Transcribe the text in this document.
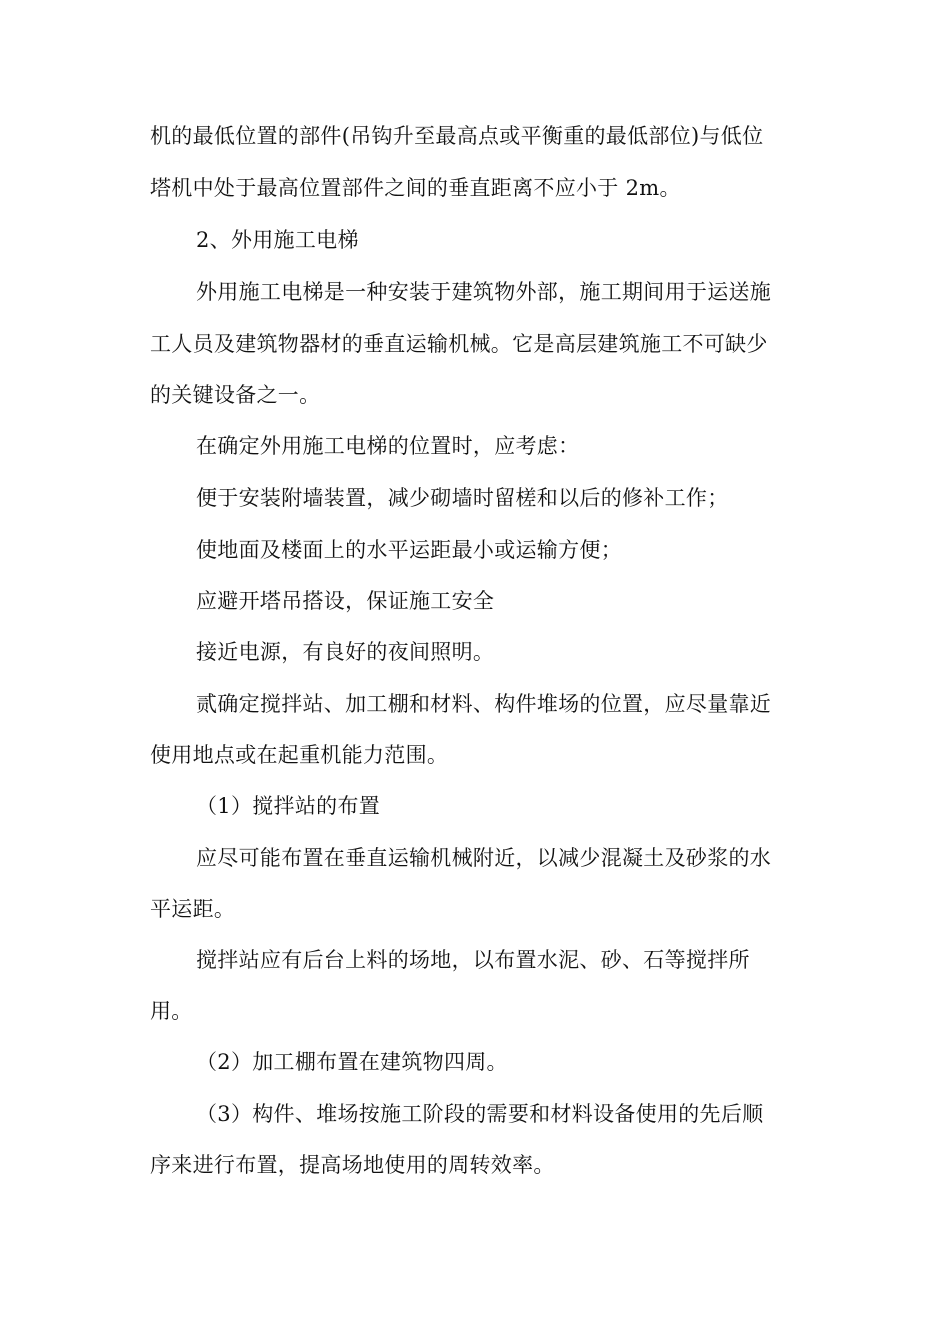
机的最低位置的部件(吊钩升至最高点或平衡重的最低部位)与低位
塔机中处于最高位置部件之间的垂直距离不应小于 2m。
2、外用施工电梯
外用施工电梯是一种安装于建筑物外部，施工期间用于运送施
工人员及建筑物器材的垂直运输机械。它是高层建筑施工不可缺少
的关键设备之一。
在确定外用施工电梯的位置时，应考虑：
便于安装附墙装置，减少砌墙时留槎和以后的修补工作；
使地面及楼面上的水平运距最小或运输方便；
应避开塔吊搭设，保证施工安全
接近电源，有良好的夜间照明。
贰确定搅拌站、加工棚和材料、构件堆场的位置，应尽量靠近
使用地点或在起重机能力范围。
（1）搅拌站的布置
应尽可能布置在垂直运输机械附近，以减少混凝土及砂浆的水
平运距。
搅拌站应有后台上料的场地，以布置水泥、砂、石等搅拌所
用。
（2）加工棚布置在建筑物四周。
（3）构件、堆场按施工阶段的需要和材料设备使用的先后顺
序来进行布置，提高场地使用的周转效率。
